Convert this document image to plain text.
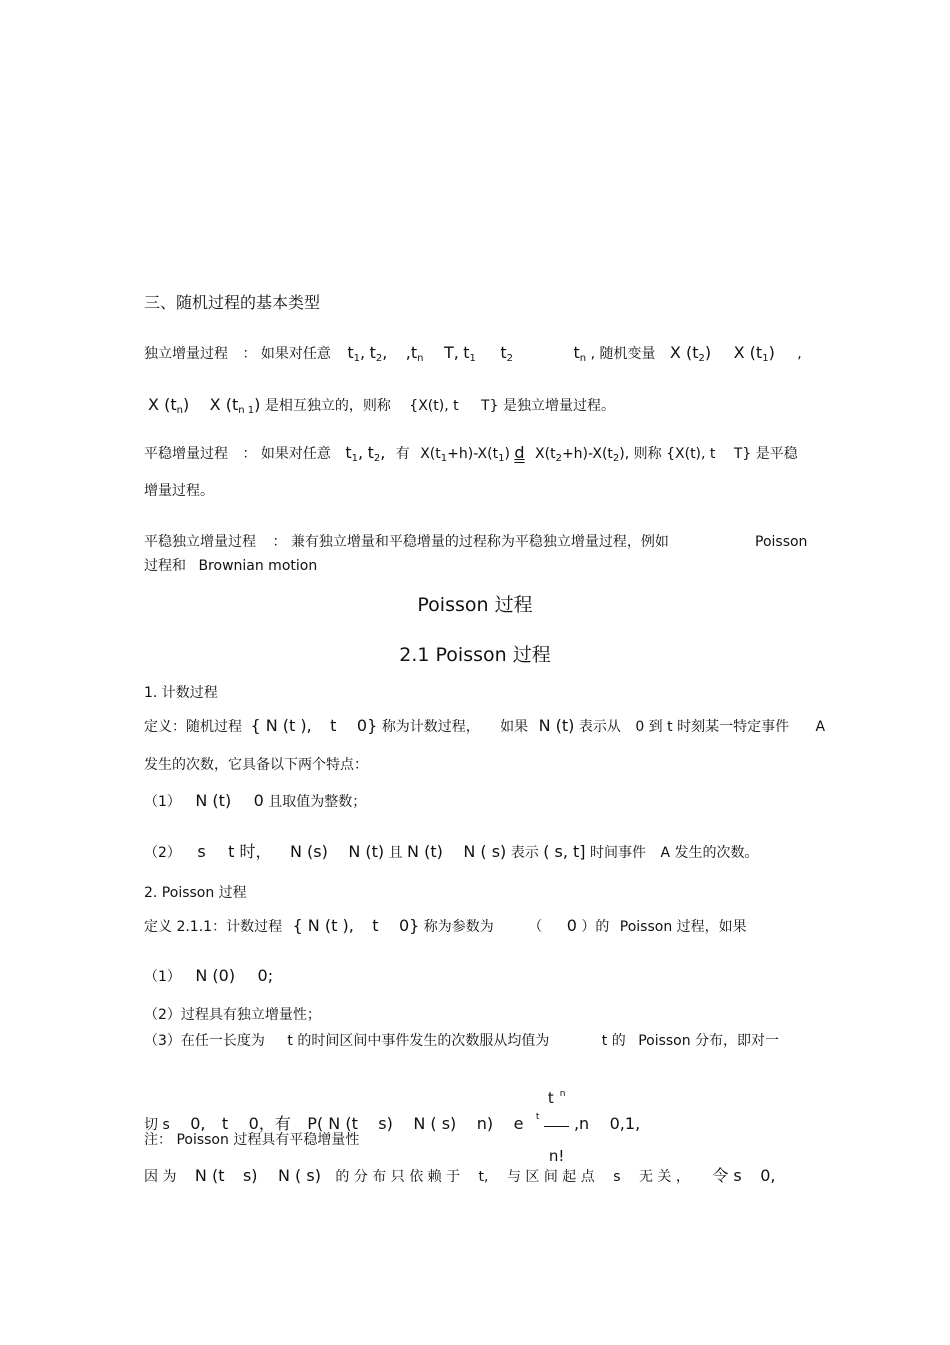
三、随机过程的基本类型
独立增量过程 ： 如果对任意 t1, t2, ,tn T, t1 t2	tn , 随机变量 X (t2) X (t1) ,
X (tn) X (tn 1) 是相互独立的，则称 {X(t), t T} 是独立增量过程。
平稳增量过程 ： 如果对任意 t1, t2, 有 X(t1+h)-X(t1) d X(t2+h)-X(t2), 则称 {X(t), t T} 是平稳
增量过程。
平稳独立增量过程 ： 兼有独立增量和平稳增量的过程称为平稳独立增量过程，例如	Poisson
过程和 Brownian motion
Poisson 过程
2.1 Poisson 过程
1. 计数过程
定义：随机过程 { N (t ), t 0} 称为计数过程， 如果 N (t) 表示从 0 到 t 时刻某一特定事件 A
发生的次数，它具备以下两个特点：
（1） N (t) 0 且取值为整数；
（2） s t 时， N (s) N (t) 且 N (t) N ( s) 表示 ( s, t] 时间事件 A 发生的次数。
2. Poisson 过程
定义 2.1.1：计数过程 { N (t ), t 0} 称为参数为 （ 0 ）的 Poisson 过程，如果
（1） N (0) 0;
（2）过程具有独立增量性；
（3）在任一长度为 t 的时间区间中事件发生的次数服从均值为	t 的 Poisson 分布，即对一
切 s 0, t 0，有 P( N (t s) N ( s) n) e t $\frac{\text{t n}}{n!} ,n$ 0,1,
注： Poisson 过程具有平稳增量性
因 为 N (t s) N ( s) 的 分 布 只 依 赖 于 t, 与 区 间 起 点 s 无 关 ， 令 s 0,
